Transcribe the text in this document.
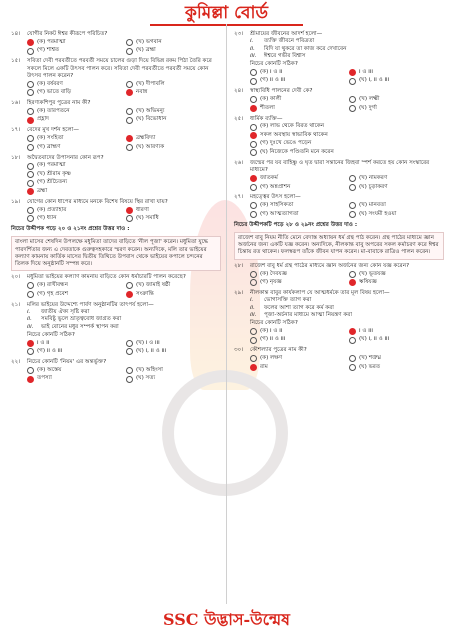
কুমিল্লা বোর্ড
১৪।	যোগীর নিকট ঈশ্বর কীরূপে পরিচিত?
(ক) পরমাত্মা	(খ) ভগবান
(গ) শাশ্বত	(ঘ) ব্রহ্মা
১৫।	সবিতা দেবী পরবর্তীতে পরবর্তী সময়ে চালের গুড়া দিয়ে বিভিন্ন রকম পিঠা তৈরি করে সকলে মিলে একটি উৎসব পালন করে। সবিতা দেবী পরবর্তীতে পরবর্তী সময়ে কোন উৎসব পালন করেন?
(ক) বর্ষবরণ	(খ) দীপাবলি
(গ) ভাতে বাড়ি	নবান্ন
১৬।	হিরণ্যকশিপুর পুত্রের নাম কী?
(ক) তারপতনে	(খ) অভিমন্যু
প্রহ্লাদ	(ঘ) বিভোধান
১৭।	বেদের মুখ দর্শন হলো—
(ক) সংহিতা	ব্রহ্মবিদ্যা
(গ) ব্রাহ্মণ	(ঘ) আরণ্যক
১৮।	অদ্বৈতবাদের উপাসনার কোন রূপ?
(ক) পরমাত্মা
(খ) শ্রীরাম কৃষ্ণ
(গ) শ্রীচৈতন্য
ব্রহ্মা
১৯।	যোগের কোন ধাপের মাধ্যমে মনকে বিশেষ বিষয়ে স্থির রাখা যায়?
(ক) প্রত্যাহার	ধারণা
(গ) ধ্যান	(ঘ) সমাধি
নিচের উদ্দীপক পড়ে ২০ ও ২১নং প্রশ্নের উত্তর দাও :
বাংলা মাসের শেষদিন উপলক্ষে মধুমিতা তাদের বাড়িতে 'নীল পূজা' করেন। মধুমিতা যুদ্ধে পারদর্শিতার জন্য এ দেবতাকে গুরুত্বসহকারে স্মরণ করেন। অন্যদিকে, মলি তার ভাইয়ের কল্যাণ কামনায় কার্তিক মাসের দ্বিতীয় তিথিতে উপবাস থেকে ভাইয়ের কপালে চন্দনের তিলক দিয়ে অনুষ্ঠানটি সম্পন্ন করে।
২০।	মধুমিতা ভাইয়ের কল্যাণ কামনায় বাড়িতে কোন ধর্মাচারটি পালন করেছে?
(ক) রাখীবন্ধন	(খ) জামাই ষষ্ঠী
(গ) গৃহ প্রবেশ	সংক্রান্তি
২১।	মলির ভাইয়ের উদ্দেশ্যে পার্বণ অনুষ্ঠানটির তাৎপর্য হলো—
i.	জাতীয় ঐক্য সৃষ্টি করা
ii.	সমবিষ্টু ভুলে ভ্রাতৃত্ববোধ জাগ্রত করা
iii.	ভাই বোনের মধুর সম্পর্ক স্থাপন করা
নিচের কোনটি সঠিক?
i ও ii	(খ) i ও iii
(গ) ii ও iii	(ঘ) i, ii ও iii
২২।	নিচের কোনটি 'নিয়ম' এর অন্তর্ভুক্ত?
(ক) অস্তেয়	(খ) অহিংসা
তপস্যা	(ঘ) সত্য
২৩।	শ্রীমায়ের জীবনের আদর্শ হলো—
i.	ত্যক্তি জীবনে পবিত্রতা
ii.	বিদি যা থুকরে তা কাজ করে দেখাবেন
iii.	ঈশ্বরে গভীর বিশ্বাস
নিচের কোনটি সঠিক?
(ক) i ও ii	i ও iii
(গ) ii ও iii	(ঘ) i, ii ও iii
২৪।	স্বাস্থ্যবিধি পালনের দেবী কে?
(ক) কালী	(খ) লক্ষ্মী
শীতলা	(ঘ) দুর্গা
২৫।	ধার্মিক ব্যক্তি—
(ক) লাভ থেকে বিরত থাকেন
সকল অবস্থায় স্বাভাবিক থাকেন
(গ) দুঃখে ভেঙে পড়েন
(ঘ) নিজেকে পণ্ডিতনি মনে করেন
২৬।	জন্মের পর যব বাহিষ্ণু ও ঘৃত দ্বারা সন্তানের জিহবা স্পর্শ করতে হয় কোন সংস্কারের মাধ্যমে?
জাতকর্ম	(খ) নামকরণ
(গ) অন্নপ্রাশন	(ঘ) চূড়াকরণ
২৭।	মহত্ত্বের উৎস হলো—
(ক) সাহসিকতা	(খ) মানবতা
(গ) আত্মত্যাগতা	(ঘ) সংযমী হওয়া
নিচের উদ্দীপকটি পড়ে ২৮ ও ২৯নং প্রশ্নের উত্তর দাও :
রাজেশ বাবু নিয়ম নীতি মেনে বেদাস্ত অধ্যায়ন ধর্ম গ্রন্থ পাঠ করেন। গ্রন্থ পাঠের মাধ্যমে জ্ঞান অর্জনের জন্য একটি যজ্ঞ করেন। অন্যদিকে, নীলকান্ত বাবু অপরের সকল কর্মাচরণ করে ঈশ্বর চিন্তায় রত থাকেন। ফলস্বরূপ তাঁকে জীবন যাপন করেন। মা-বাবাকে রাত্রিও পালন করেন।
২৮।	রাজেশ বাবু ধর্ম গ্রন্থ পাঠের মাধ্যমে জ্ঞান অর্জনের জন্য কোন যজ্ঞ করেন?
(ক) দৈবযজ্ঞ	(খ) ভূতযজ্ঞ
(গ) নৃযজ্ঞ	ঋষিযজ্ঞ
২৯।	নীলকান্ত বাবুর কার্যকলাপ যে আত্মধর্মকে তার মূল বিষয় হলো—
i.	ভোগাসক্তি ত্যাগ করা
ii.	ফলের আশা ত্যাগ করে কর্ম করা
iii.	পূজা-অর্চনার মাধ্যমে আত্মা নিয়ন্ত্রণ করা
নিচের কোনটি সঠিক?
(ক) i ও ii	i ও iii
(গ) ii ও iii	(ঘ) i, ii ও iii
৩০।	কৌশল্যার পুত্রের নাম কী?
(ক) লক্ষণ	(খ) শত্রুঘ্ন
রাম	(ঘ) ভরত
SSC উদ্ভাস-উন্মেষ
